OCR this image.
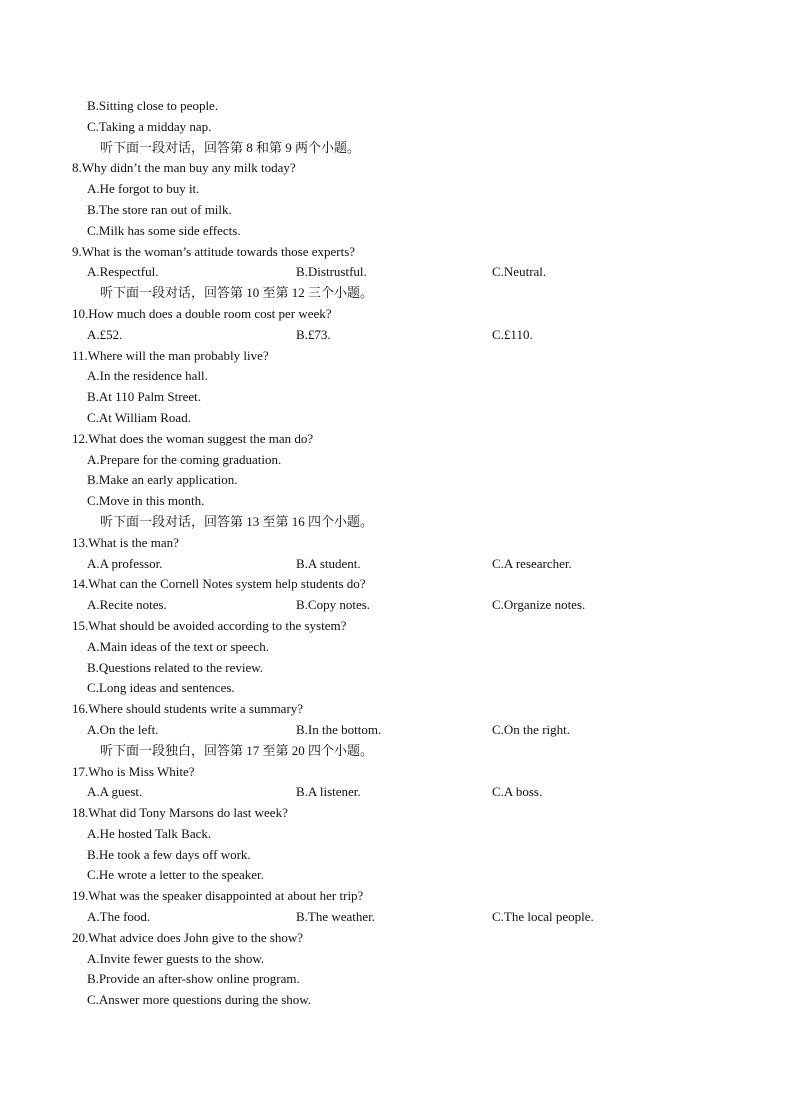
B.Sitting close to people.
C.Taking a midday nap.
听下面一段对话，回答第 8 和第 9 两个小题。
8.Why didn’t the man buy any milk today?
A.He forgot to buy it.
B.The store ran out of milk.
C.Milk has some side effects.
9.What is the woman’s attitude towards those experts?
A.Respectful.	B.Distrustful.	C.Neutral.
听下面一段对话，回答第 10 至第 12 三个小题。
10.How much does a double room cost per week?
A.£52.	B.£73.	C.£110.
11.Where will the man probably live?
A.In the residence hall.
B.At 110 Palm Street.
C.At William Road.
12.What does the woman suggest the man do?
A.Prepare for the coming graduation.
B.Make an early application.
C.Move in this month.
听下面一段对话，回答第 13 至第 16 四个小题。
13.What is the man?
A.A professor.	B.A student.	C.A researcher.
14.What can the Cornell Notes system help students do?
A.Recite notes.	B.Copy notes.	C.Organize notes.
15.What should be avoided according to the system?
A.Main ideas of the text or speech.
B.Questions related to the review.
C.Long ideas and sentences.
16.Where should students write a summary?
A.On the left.	B.In the bottom.	C.On the right.
听下面一段独白，回答第 17 至第 20 四个小题。
17.Who is Miss White?
A.A guest.	B.A listener.	C.A boss.
18.What did Tony Marsons do last week?
A.He hosted Talk Back.
B.He took a few days off work.
C.He wrote a letter to the speaker.
19.What was the speaker disappointed at about her trip?
A.The food.	B.The weather.	C.The local people.
20.What advice does John give to the show?
A.Invite fewer guests to the show.
B.Provide an after-show online program.
C.Answer more questions during the show.
